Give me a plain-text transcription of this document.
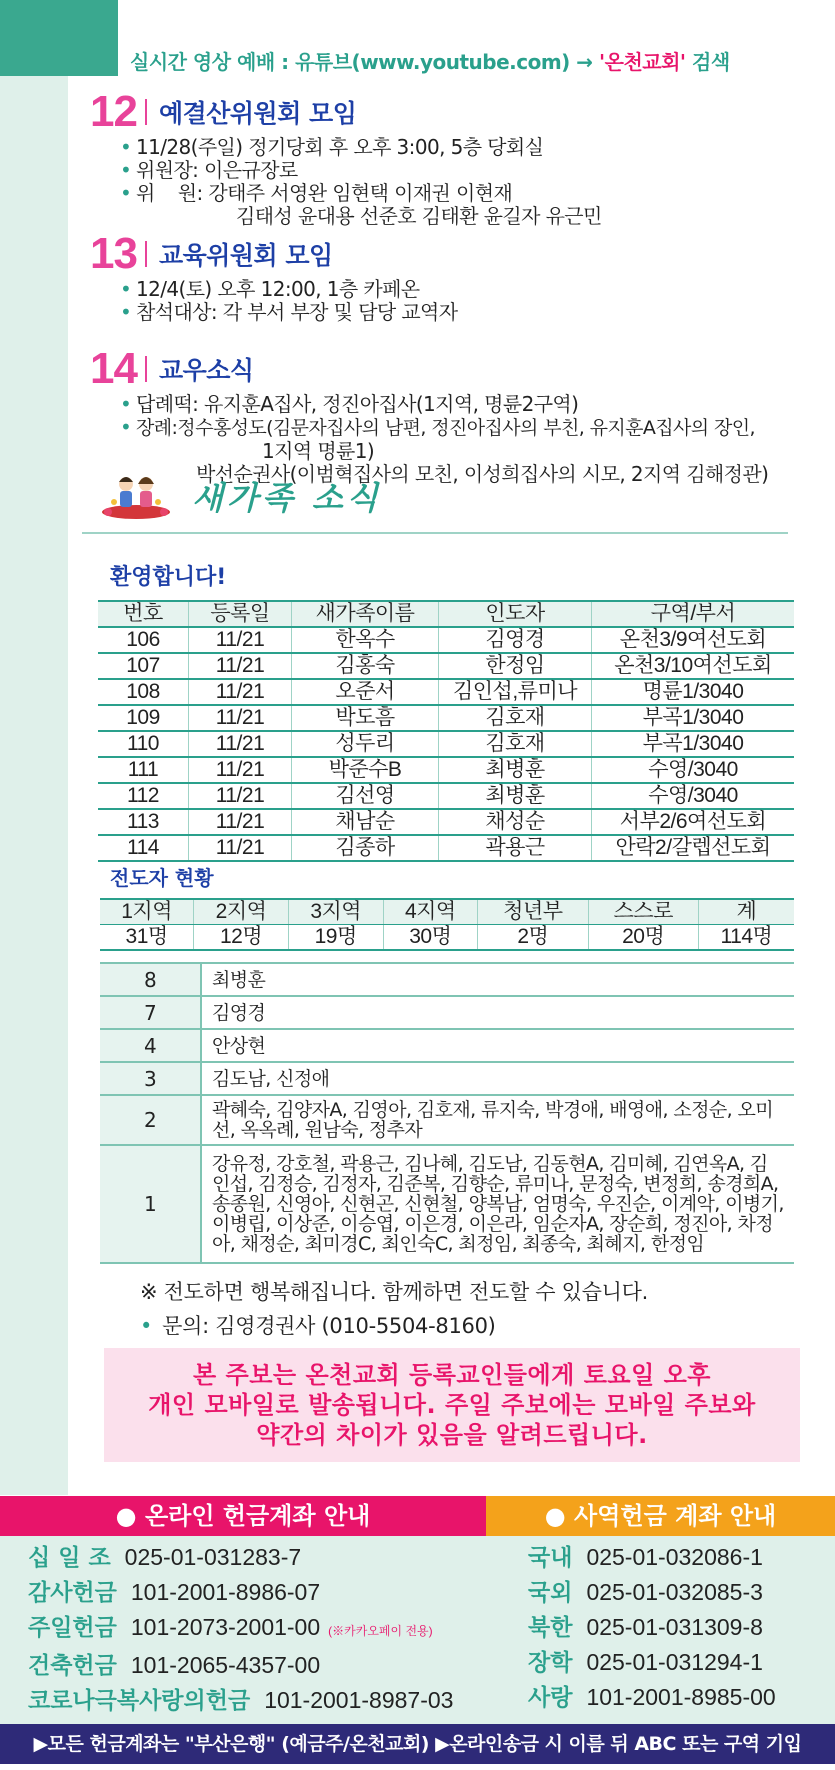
실시간 영상 예배 : 유튜브(www.youtube.com) → '온천교회' 검색
12 예결산위원회 모임
• 11/28(주일) 정기당회 후 오후 3:00, 5층 당회실
• 위원장: 이은규장로
• 위    원: 강태주 서영완 임현택 이재권 이현재
김태성 윤대용 선준호 김태환 윤길자 유근민
13 교육위원회 모임
• 12/4(토) 오후 12:00, 1층 카페온
• 참석대상: 각 부서 부장 및 담당 교역자
14 교우소식
• 답례떡: 유지훈A집사, 정진아집사(1지역, 명륜2구역)
• 장례:정수홍성도(김문자집사의 남편, 정진아집사의 부친, 유지훈A집사의 장인,
1지역 명륜1)
박선순권사(이범혁집사의 모친, 이성희집사의 시모, 2지역 김해정관)
새가족 소식
환영합니다!
번호	등록일	새가족이름	인도자	구역/부서
106	11/21	한옥수	김영경	온천3/9여선도회
107	11/21	김홍숙	한정임	온천3/10여선도회
108	11/21	오준서	김인섭,류미나	명륜1/3040
109	11/21	박도흠	김호재	부곡1/3040
110	11/21	성두리	김호재	부곡1/3040
111	11/21	박준수B	최병훈	수영/3040
112	11/21	김선영	최병훈	수영/3040
113	11/21	채남순	채성순	서부2/6여선도회
114	11/21	김종하	곽용근	안락2/갈렙선도회
전도자 현황
1지역	2지역	3지역	4지역	청년부	스스로	계
31명	12명	19명	30명	2명	20명	114명
8	최병훈
7	김영경
4	안상현
3	김도남, 신정애
2	곽혜숙, 김양자A, 김영아, 김호재, 류지숙, 박경애, 배영애, 소정순, 오미선, 옥옥례, 원남숙, 정추자
1	강유정, 강호철, 곽용근, 김나혜, 김도남, 김동현A, 김미혜, 김연옥A, 김인섭, 김정승, 김정자, 김준복, 김향순, 류미나, 문정숙, 변정희, 송경희A, 송종원, 신영아, 신현곤, 신현철, 양복남, 엄명숙, 우진순, 이계악, 이병기, 이병립, 이상준, 이승엽, 이은경, 이은라, 임순자A, 장순희, 정진아, 차정아, 채정순, 최미경C, 최인숙C, 최정임, 최종숙, 최혜지, 한정임
※ 전도하면 행복해집니다. 함께하면 전도할 수 있습니다.
• 문의: 김영경권사 (010-5504-8160)
본 주보는 온천교회 등록교인들에게 토요일 오후
개인 모바일로 발송됩니다. 주일 주보에는 모바일 주보와
약간의 차이가 있음을 알려드립니다.
● 온라인 헌금계좌 안내	● 사역헌금 계좌 안내
십 일 조 025-01-031283-7
감사헌금 101-2001-8986-07
주일헌금 101-2073-2001-00 (※카카오페이 전용)
건축헌금 101-2065-4357-00
코로나극복사랑의헌금 101-2001-8987-03
국내 025-01-032086-1
국외 025-01-032085-3
북한 025-01-031309-8
장학 025-01-031294-1
사랑 101-2001-8985-00
▶모든 헌금계좌는 "부산은행" (예금주/온천교회) ▶온라인송금 시 이름 뒤 ABC 또는 구역 기입
